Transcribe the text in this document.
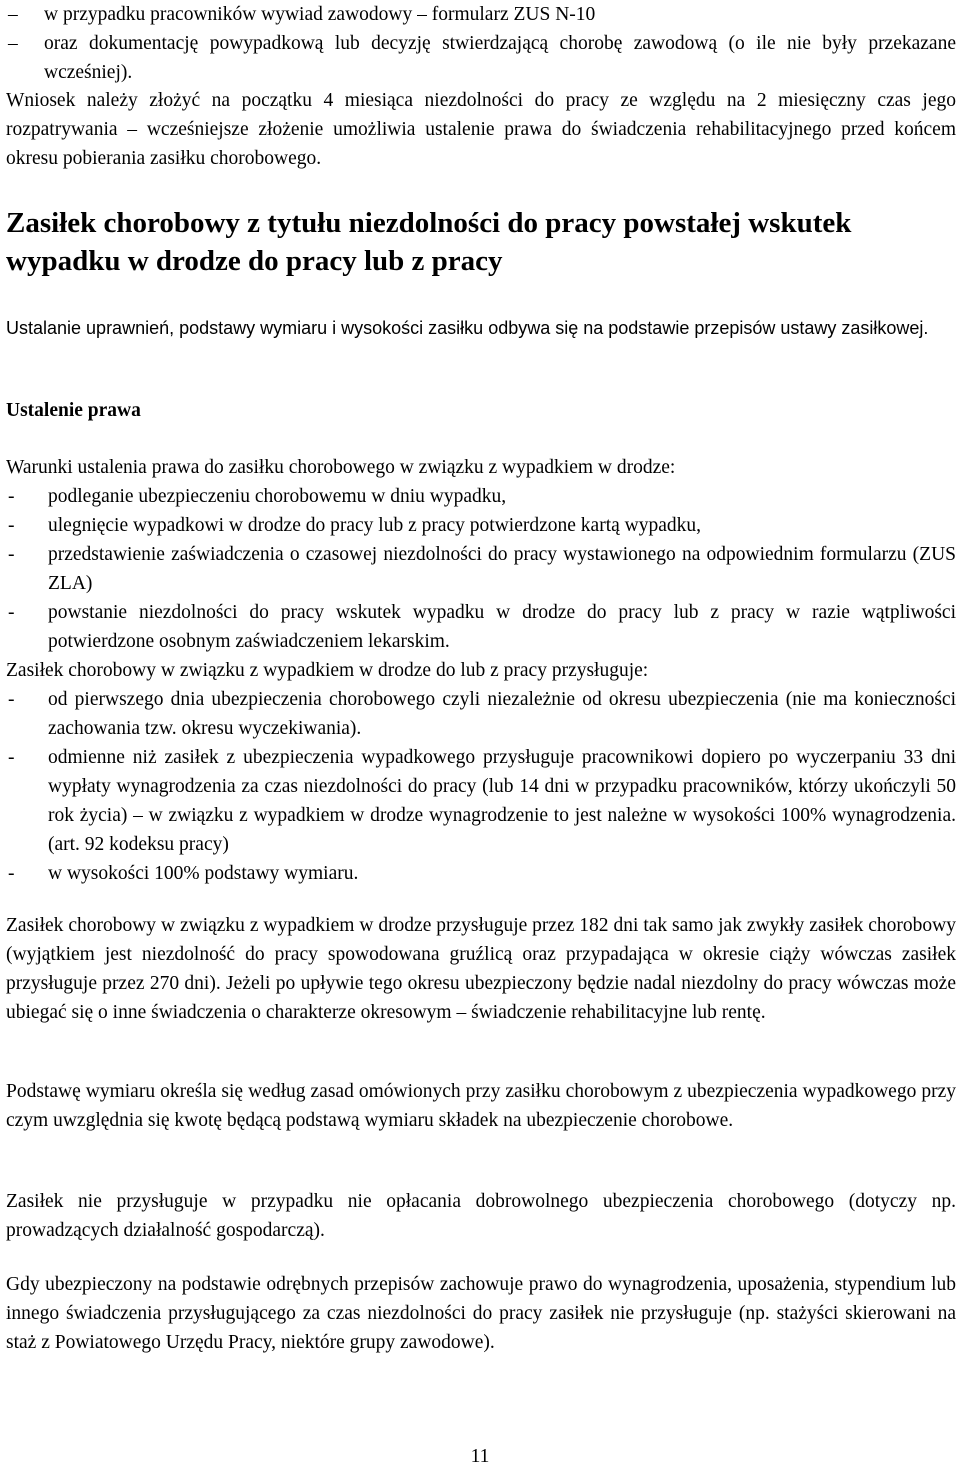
– w przypadku pracowników wywiad zawodowy – formularz ZUS N-10
– oraz dokumentację powypadkową lub decyzję stwierdzającą chorobę zawodową (o ile nie były przekazane wcześniej).

Wniosek należy złożyć na początku 4 miesiąca niezdolności do pracy ze względu na 2 miesięczny czas jego rozpatrywania – wcześniejsze złożenie umożliwia ustalenie prawa do świadczenia rehabilitacyjnego przed końcem okresu pobierania zasiłku chorobowego.

Zasiłek chorobowy z tytułu niezdolności do pracy powstałej wskutek wypadku w drodze do pracy lub z pracy

Ustalanie uprawnień, podstawy wymiaru i wysokości zasiłku odbywa się na podstawie przepisów ustawy zasiłkowej.

Ustalenie prawa

Warunki ustalenia prawa do zasiłku chorobowego w związku z wypadkiem w drodze:

- podleganie ubezpieczeniu chorobowemu w dniu wypadku,
- ulegnięcie wypadkowi w drodze do pracy lub z pracy potwierdzone kartą wypadku,
- przedstawienie zaświadczenia o czasowej niezdolności do pracy wystawionego na odpowiednim formularzu (ZUS ZLA)
- powstanie niezdolności do pracy wskutek wypadku w drodze do pracy lub z pracy w razie wątpliwości potwierdzone osobnym zaświadczeniem lekarskim.

Zasiłek chorobowy w związku z wypadkiem w drodze do lub z pracy przysługuje:

- od pierwszego dnia ubezpieczenia chorobowego czyli niezależnie od okresu ubezpieczenia (nie ma konieczności zachowania tzw. okresu wyczekiwania).
- odmienne niż zasiłek z ubezpieczenia wypadkowego przysługuje pracownikowi dopiero po wyczerpaniu 33 dni wypłaty wynagrodzenia za czas niezdolności do pracy (lub 14 dni w przypadku pracowników, którzy ukończyli 50 rok życia) – w związku z wypadkiem w drodze wynagrodzenie to jest należne w wysokości 100% wynagrodzenia. (art. 92 kodeksu pracy)
- w wysokości 100% podstawy wymiaru.

Zasiłek chorobowy w związku z wypadkiem w drodze przysługuje przez 182 dni tak samo jak zwykły zasiłek chorobowy (wyjątkiem jest niezdolność do pracy spowodowana gruźlicą oraz przypadająca w okresie ciąży wówczas zasiłek przysługuje przez 270 dni). Jeżeli po upływie tego okresu ubezpieczony będzie nadal niezdolny do pracy wówczas może ubiegać się o inne świadczenia o charakterze okresowym – świadczenie rehabilitacyjne lub rentę.

Podstawę wymiaru określa się według zasad omówionych przy zasiłku chorobowym z ubezpieczenia wypadkowego przy czym uwzględnia się kwotę będącą podstawą wymiaru składek na ubezpieczenie chorobowe.

Zasiłek nie przysługuje w przypadku nie opłacania dobrowolnego ubezpieczenia chorobowego (dotyczy np. prowadzących działalność gospodarczą).

Gdy ubezpieczony na podstawie odrębnych przepisów zachowuje prawo do wynagrodzenia, uposażenia, stypendium lub innego świadczenia przysługującego za czas niezdolności do pracy zasiłek nie przysługuje (np. stażyści skierowani na staż z Powiatowego Urzędu Pracy, niektóre grupy zawodowe).

11
